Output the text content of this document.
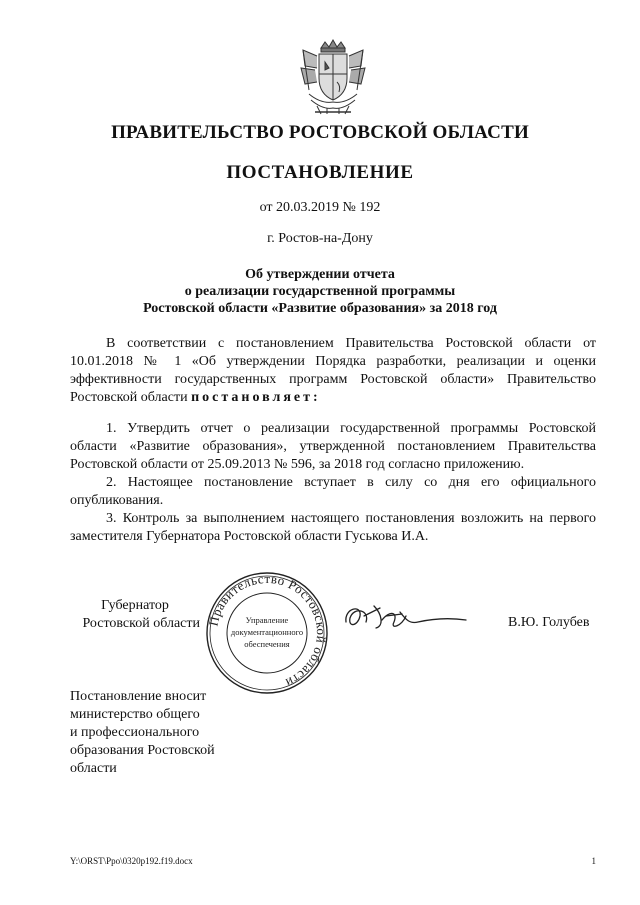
ПРАВИТЕЛЬСТВО РОСТОВСКОЙ ОБЛАСТИ
ПОСТАНОВЛЕНИЕ
от 20.03.2019 № 192
г. Ростов-на-Дону
Об утверждении отчета
о реализации государственной программы
Ростовской области «Развитие образования» за 2018 год

В соответствии с постановлением Правительства Ростовской области от 10.01.2018 № 1 «Об утверждении Порядка разработки, реализации и оценки эффективности государственных программ Ростовской области» Правительство Ростовской области постановляет:

1. Утвердить отчет о реализации государственной программы Ростовской области «Развитие образования», утвержденной постановлением Правительства Ростовской области от 25.09.2013 № 596, за 2018 год согласно приложению.

2. Настоящее постановление вступает в силу со дня его официального опубликования.

3. Контроль за выполнением настоящего постановления возложить на первого заместителя Губернатора Ростовской области Гуськова И.А.

Губернатор
Ростовской области Правительство Ростовской области
Управление
документационного
обеспечения
В.Ю. Голубев
Постановление вносит
министерство общего
и профессионального
образования Ростовской
области
Y:\ORST\Ppo\0320p192.f19.docx	1
